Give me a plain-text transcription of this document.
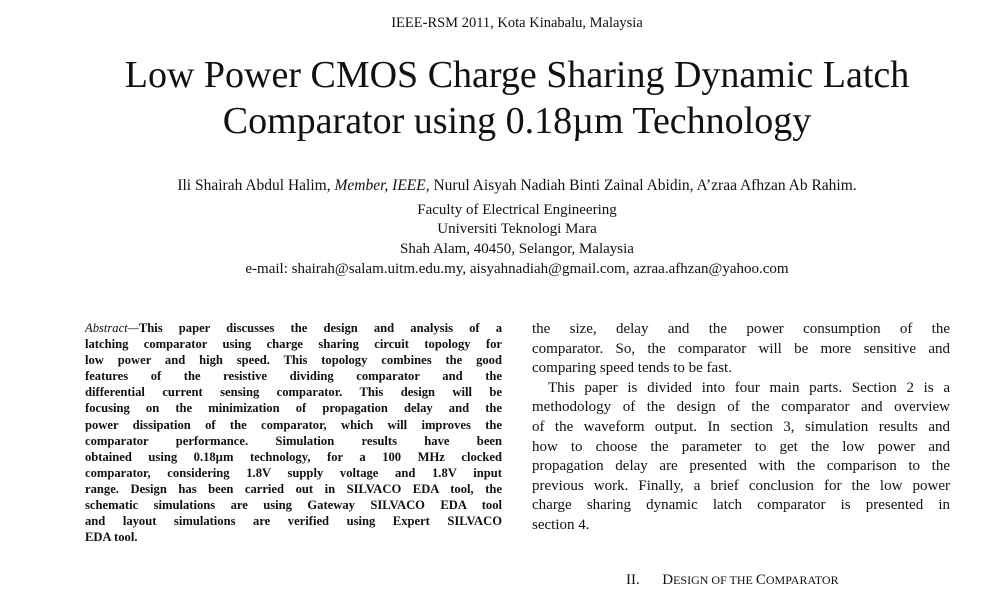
IEEE-RSM 2011, Kota Kinabalu, Malaysia
Low Power CMOS Charge Sharing Dynamic Latch
Comparator using 0.18µm Technology
Ili Shairah Abdul Halim, Member, IEEE, Nurul Aisyah Nadiah Binti Zainal Abidin, A’zraa Afhzan Ab Rahim.
Faculty of Electrical Engineering
Universiti Teknologi Mara
Shah Alam, 40450, Selangor, Malaysia
e-mail: shairah@salam.uitm.edu.my, aisyahnadiah@gmail.com, azraa.afhzan@yahoo.com
Abstract—This paper discusses the design and analysis of a
latching comparator using charge sharing circuit topology for
low power and high speed. This topology combines the good
features of the resistive dividing comparator and the
differential current sensing comparator. This design will be
focusing on the minimization of propagation delay and the
power dissipation of the comparator, which will improves the
comparator performance. Simulation results have been
obtained using 0.18µm technology, for a 100 MHz clocked
comparator, considering 1.8V supply voltage and 1.8V input
range. Design has been carried out in SILVACO EDA tool, the
schematic simulations are using Gateway SILVACO EDA tool
and layout simulations are verified using Expert SILVACO
EDA tool.
the size, delay and the power consumption of the
comparator. So, the comparator will be more sensitive and
comparing speed tends to be fast.
This paper is divided into four main parts. Section 2 is a
methodology of the design of the comparator and overview
of the waveform output. In section 3, simulation results and
how to choose the parameter to get the low power and
propagation delay are presented with the comparison to the
previous work. Finally, a brief conclusion for the low power
charge sharing dynamic latch comparator is presented in
section 4.
II. DESIGN OF THE COMPARATOR
